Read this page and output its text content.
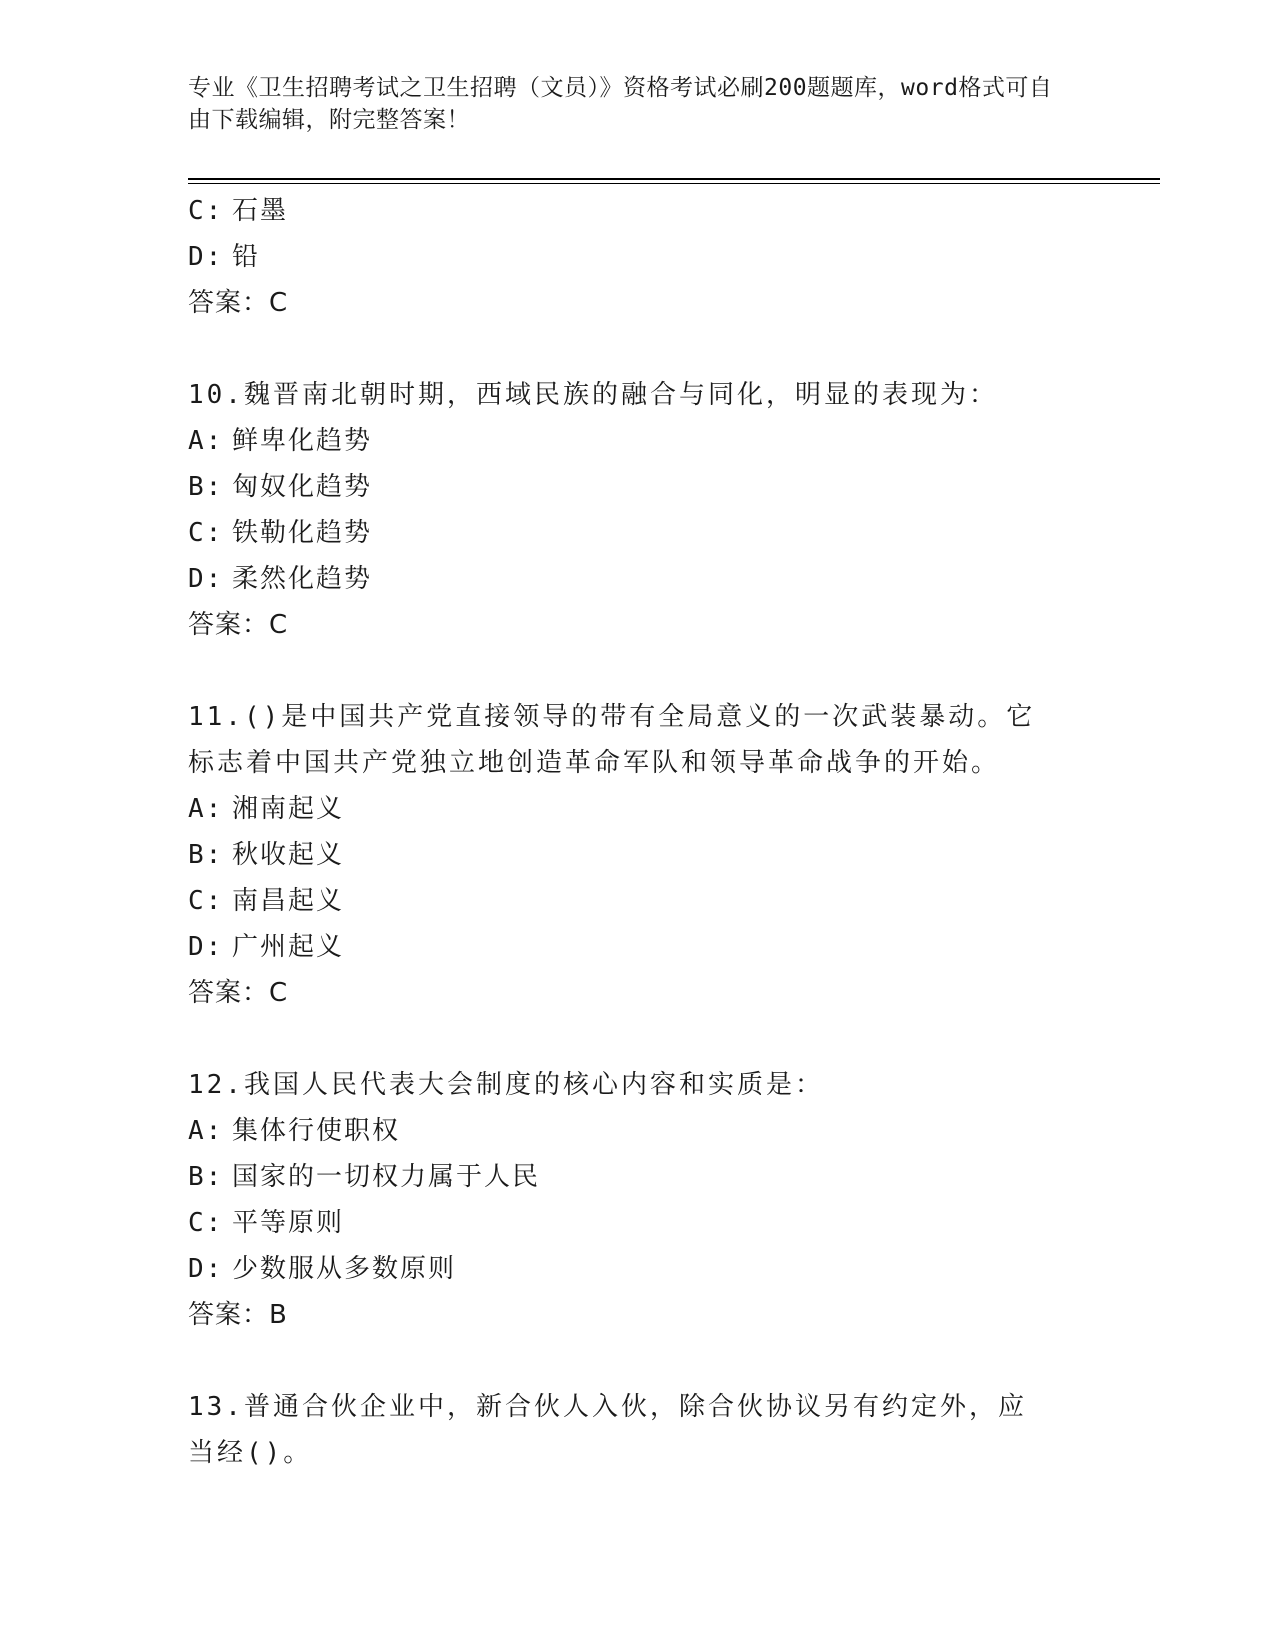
专业《卫生招聘考试之卫生招聘（文员）》资格考试必刷200题题库，word格式可自由下载编辑，附完整答案！
C: 石墨
D: 铅
答案：C
10.魏晋南北朝时期，西域民族的融合与同化，明显的表现为：
A: 鲜卑化趋势
B: 匈奴化趋势
C: 铁勒化趋势
D: 柔然化趋势
答案：C
11.()是中国共产党直接领导的带有全局意义的一次武装暴动。它标志着中国共产党独立地创造革命军队和领导革命战争的开始。
A: 湘南起义
B: 秋收起义
C: 南昌起义
D: 广州起义
答案：C
12.我国人民代表大会制度的核心内容和实质是：
A: 集体行使职权
B: 国家的一切权力属于人民
C: 平等原则
D: 少数服从多数原则
答案：B
13.普通合伙企业中，新合伙人入伙，除合伙协议另有约定外，应当经()。
